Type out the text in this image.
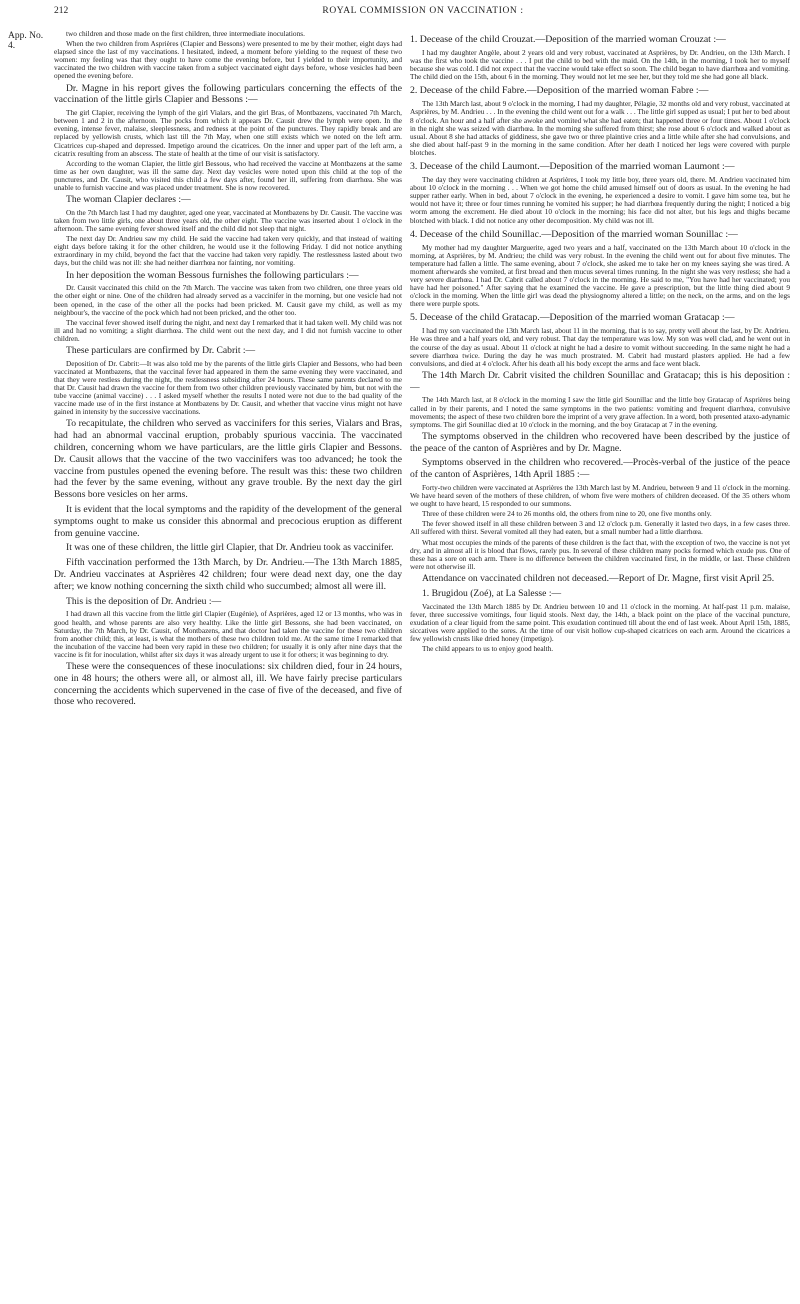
212	ROYAL COMMISSION ON VACCINATION :
App. No. 4.

two children and those made on the first children, three intermediate inoculations.

When the two children from Asprières (Clapier and Bessons) were presented to me by their mother, eight days had elapsed since the last of my vaccinations. I hesitated, indeed, a moment before yielding to the request of these two women: my feeling was that they ought to have come the evening before, but I yielded to their importunity, and vaccinated the two children with vaccine taken from a subject vaccinated eight days before, whose vesicles had been opened the evening before.

Dr. Magne in his report gives the following particulars concerning the effects of the vaccination of the little girls Clapier and Bessons :—

The girl Clapier, receiving the lymph of the girl Vialars, and the girl Bras, of Montbazens, vaccinated 7th March, between 1 and 2 in the afternoon. The pocks from which it appears Dr. Causit drew the lymph were open. In the evening, intense fever, malaise, sleeplessness, and redness at the point of the punctures. They rapidly break and are replaced by yellowish crusts, which last till the 7th May, when one still exists which we noted on the left arm. Cicatrices cup-shaped and depressed. Impetigo around the cicatrices. On the inner and upper part of the left arm, a cicatrix resulting from an abscess. The state of health at the time of our visit is satisfactory.

According to the woman Clapier, the little girl Bessous, who had received the vaccine at Montbazens at the same time as her own daughter, was ill the same day. Next day vesicles were noted upon this child at the top of the punctures, and Dr. Causit, who visited this child a few days after, found her ill, suffering from diarrhœa. She was unable to furnish vaccine and was placed under treatment. She is now recovered.

The woman Clapier declares :—

On the 7th March last I had my daughter, aged one year, vaccinated at Montbazens by Dr. Causit. The vaccine was taken from two little girls, one about three years old, the other eight. The vaccine was inserted about 1 o'clock in the afternoon. The same evening fever showed itself and the child did not sleep that night.

The next day Dr. Andrieu saw my child. He said the vaccine had taken very quickly, and that instead of waiting eight days before taking it for the other children, he would use it the following Friday. I did not notice anything extraordinary in my child, beyond the fact that the vaccine had taken very rapidly. The restlessness lasted about two days, but the child was not ill: she had neither diarrhœa nor fainting, nor vomiting.

In her deposition the woman Bessous furnishes the following particulars :—

Dr. Causit vaccinated this child on the 7th March. The vaccine was taken from two children, one three years old the other eight or nine. One of the children had already served as a vaccinifer in the morning, but one vesicle had not been opened, in the case of the other all the pocks had been pricked. M. Causit gave my child, as well as my neighbour's, the vaccine of the pock which had not been pricked, and the other too.

The vaccinal fever showed itself during the night, and next day I remarked that it had taken well. My child was not ill and had no vomiting; a slight diarrhœa. The child went out the next day, and I did not furnish vaccine to other children.

These particulars are confirmed by Dr. Cabrit :—

Deposition of Dr. Cabrit:—It was also told me by the parents of the little girls Clapier and Bessons, who had been vaccinated at Montbazens, that the vaccinal fever had appeared in them the same evening they were vaccinated, and that they were restless during the night, the restlessness subsiding after 24 hours. These same parents declared to me that Dr. Causit had drawn the vaccine for them from two other children previously vaccinated by him, but not with the tube vaccine (animal vaccine) . . . I asked myself whether the results I noted were not due to the bad quality of the vaccine made use of in the first instance at Montbazens by Dr. Causit, and whether that vaccine virus might not have gained in intensity by the successive vaccinations.

To recapitulate, the children who served as vaccinifers for this series, Vialars and Bras, had had an abnormal vaccinal eruption, probably spurious vaccinia. The vaccinated children, concerning whom we have particulars, are the little girls Clapier and Bessons. Dr. Causit allows that the vaccine of the two vaccinifers was too advanced; he took the vaccine from pustules opened the evening before. The result was this: these two children had the fever by the same evening, without any grave trouble. By the next day the girl Bessons bore vesicles on her arms.

It is evident that the local symptoms and the rapidity of the development of the general symptoms ought to make us consider this abnormal and precocious eruption as different from genuine vaccine.

It was one of these children, the little girl Clapier, that Dr. Andrieu took as vaccinifer.

Fifth vaccination performed the 13th March, by Dr. Andrieu.—The 13th March 1885, Dr. Andrieu vaccinates at Asprières 42 children; four were dead next day, one the day after; we know nothing concerning the sixth child who succumbed; almost all were ill.

This is the deposition of Dr. Andrieu :—

I had drawn all this vaccine from the little girl Clapier (Eugénie), of Asprières, aged 12 or 13 months, who was in good health, and whose parents are also very healthy. Like the little girl Bessons, she had been vaccinated, on Saturday, the 7th March, by Dr. Causit, of Montbazens, and that doctor had taken the vaccine for these two children from another child; this, at least, is what the mothers of these two children told me. At the same time I remarked that the incubation of the vaccine had been very rapid in these two children; for usually it is only after nine days that the vaccine is fit for inoculation, whilst after six days it was already urgent to use it for others; it was beginning to dry.

These were the consequences of these inoculations: six children died, four in 24 hours, one in 48 hours; the others were all, or almost all, ill. We have fairly precise particulars concerning the accidents which supervened in the case of five of the deceased, and five of those who recovered.

1. Decease of the child Crouzat.—Deposition of the married woman Crouzat :—

I had my daughter Angèle, about 2 years old and very robust, vaccinated at Asprières, by Dr. Andrieu, on the 13th March. I was the first who took the vaccine . . . I put the child to bed with the maid. On the 14th, in the morning, I took her to myself because she was cold. I did not expect that the vaccine would take effect so soon. The child began to have diarrhœa and vomiting. The child died on the 15th, about 6 in the morning. They would not let me see her, but they told me she had gone all black.

2. Decease of the child Fabre.—Deposition of the married woman Fabre :—

The 13th March last, about 9 o'clock in the morning, I had my daughter, Pélagie, 32 months old and very robust, vaccinated at Asprières, by M. Andrieu . . . In the evening the child went out for a walk . . . The little girl supped as usual; I put her to bed about 8 o'clock. An hour and a half after she awoke and vomited what she had eaten; that happened three or four times. About 1 o'clock in the night she was seized with diarrhœa. In the morning she suffered from thirst; she rose about 6 o'clock and walked about as usual. About 8 she had attacks of giddiness, she gave two or three plaintive cries and a little while after she had convulsions, and she died about half-past 9 in the morning in the same condition. After her death I noticed her legs were covered with purple blotches.

3. Decease of the child Laumont.—Deposition of the married woman Laumont :—

The day they were vaccinating children at Asprières, I took my little boy, three years old, there. M. Andrieu vaccinated him about 10 o'clock in the morning . . . When we got home the child amused himself out of doors as usual. In the evening he had supper rather early. When in bed, about 7 o'clock in the evening, he experienced a desire to vomit. I gave him some tea, but he would not have it; three or four times running he vomited his supper; he had diarrhœa frequently during the night; I noticed a big worm among the excrement. He died about 10 o'clock in the morning; his face did not alter, but his legs and thighs became blotched with black. I did not notice any other decomposition. My child was not ill.

4. Decease of the child Sounillac.—Deposition of the married woman Sounillac :—

My mother had my daughter Marguerite, aged two years and a half, vaccinated on the 13th March about 10 o'clock in the morning, at Asprières, by M. Andrieu; the child was very robust. In the evening the child went out for about five minutes. The temperature had fallen a little. The same evening, about 7 o'clock, she asked me to take her on my knees saying she was tired. A moment afterwards she vomited, at first bread and then mucus several times running. In the night she was very restless; she had a very severe diarrhœa. I had Dr. Cabrit called about 7 o'clock in the morning. He said to me, "You have had her vaccinated; you have had her poisoned." After saying that he examined the vaccine. He gave a prescription, but the little thing died about 9 o'clock in the morning. When the little girl was dead the physiognomy altered a little; on the neck, on the arms, and on the legs there were purple spots.

5. Decease of the child Gratacap.—Deposition of the married woman Gratacap :—

I had my son vaccinated the 13th March last, about 11 in the morning, that is to say, pretty well about the last, by Dr. Andrieu. He was three and a half years old, and very robust. That day the temperature was low. My son was well clad, and he went out in the course of the day as usual. About 11 o'clock at night he had a desire to vomit without succeeding. In the same night he had a severe diarrhœa twice. During the day he was much prostrated. M. Cabrit had mustard plasters applied. He had a few convulsions, and died at 4 o'clock. After his death all his body except the arms and face went black.

The 14th March Dr. Cabrit visited the children Sounillac and Gratacap; this is his deposition :—

The 14th March last, at 8 o'clock in the morning I saw the little girl Sounillac and the little boy Gratacap of Asprières being called in by their parents, and I noted the same symptoms in the two patients: vomiting and frequent diarrhœa, convulsive movements; the aspect of these two children bore the imprint of a very grave affection. In a word, both presented ataxo-adynamic symptoms. The girl Sounillac died at 10 o'clock in the morning, and the boy Gratacap at 7 in the evening.

The symptoms observed in the children who recovered have been described by the justice of the peace of the canton of Asprières and by Dr. Magne.

Symptoms observed in the children who recovered.—Procès-verbal of the justice of the peace of the canton of Asprières, 14th April 1885 :—

Forty-two children were vaccinated at Asprières the 13th March last by M. Andrieu, between 9 and 11 o'clock in the morning. We have heard seven of the mothers of these children, of whom five were mothers of children deceased. Of the 35 others whom we ought to have heard, 15 responded to our summons.

Three of these children were 24 to 26 months old, the others from nine to 20, one five months only.

The fever showed itself in all these children between 3 and 12 o'clock p.m. Generally it lasted two days, in a few cases three. All suffered with thirst. Several vomited all they had eaten, but a small number had a little diarrhœa.

What most occupies the minds of the parents of these children is the fact that, with the exception of two, the vaccine is not yet dry, and in almost all it is blood that flows, rarely pus. In several of these children many pocks formed which exude pus. One of these has a sore on each arm. There is no difference between the children vaccinated first, in the middle, or last. These children were not otherwise ill.

Attendance on vaccinated children not deceased.—Report of Dr. Magne, first visit April 25.

1. Brugidou (Zoé), at La Salesse :—

Vaccinated the 13th March 1885 by Dr. Andrieu between 10 and 11 o'clock in the morning. At half-past 11 p.m. malaise, fever, three successive vomitings, four liquid stools. Next day, the 14th, a black point on the place of the vaccinal puncture, exudation of a clear liquid from the same point. This exudation continued till about the end of last week. About April 15th, 1885, siccatives were applied to the sores. At the time of our visit hollow cup-shaped cicatrices on each arm. Around the cicatrices a few yellowish crusts like dried honey (impetigo).

The child appears to us to enjoy good health.
